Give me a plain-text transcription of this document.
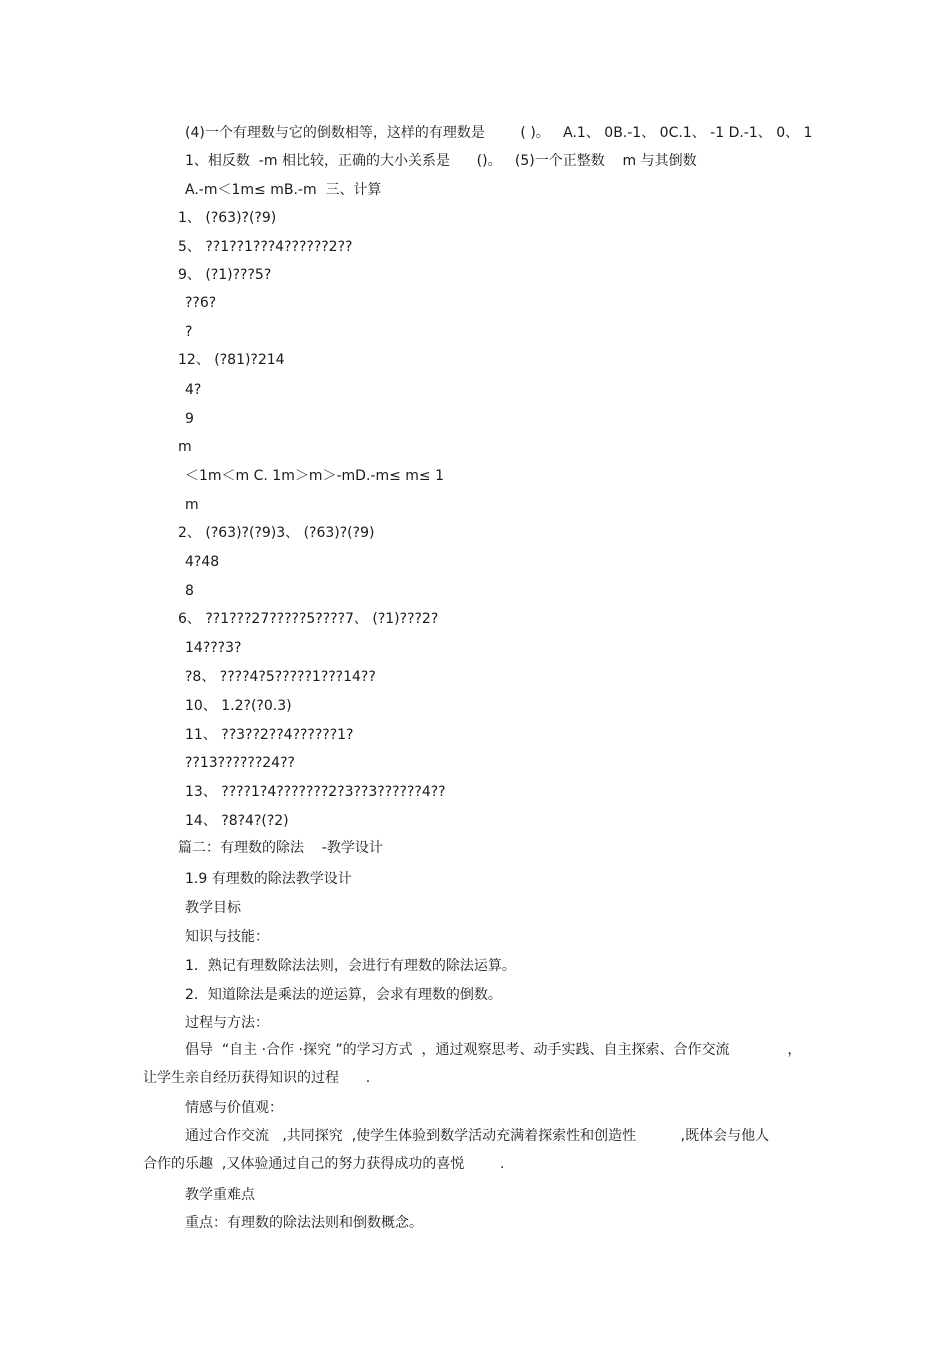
(4)一个有理数与它的倒数相等，这样的有理数是        ( )。   A.1、 0B.-1、 0C.1、 -1 D.-1、 0、 1
1、相反数  -m 相比较，正确的大小关系是      ()。   (5)一个正整数    m 与其倒数
A.-m＜1m≤ mB.-m  三、计算
1、 (?63)?(?9)
5、 ??1??1???4??????2??
9、 (?1)???5?
??6?
?
12、 (?81)?214
4?
9
m
＜1m＜m C. 1m＞m＞-mD.-m≤ m≤ 1
m
2、 (?63)?(?9)3、 (?63)?(?9)
4?48
8
6、 ??1???27?????5????7、 (?1)???2?
14???3?
?8、 ????4?5?????1???14??
10、 1.2?(?0.3)
11、 ??3??2??4??????1?
??13??????24??
13、 ????1?4???????2?3??3??????4??
14、 ?8?4?(?2)
篇二：有理数的除法    -教学设计
1.9 有理数的除法教学设计
教学目标
知识与技能：
1．熟记有理数除法法则，会进行有理数的除法运算。
2．知道除法是乘法的逆运算，会求有理数的倒数。
过程与方法：
倡导  “自主 ·合作 ·探究 ”的学习方式  ，通过观察思考、动手实践、自主探索、合作交流             ，
让学生亲自经历获得知识的过程      .
情感与价值观：
通过合作交流   ,共同探究  ,使学生体验到数学活动充满着探索性和创造性          ,既体会与他人
合作的乐趣  ,又体验通过自己的努力获得成功的喜悦        .
教学重难点
重点：有理数的除法法则和倒数概念。
